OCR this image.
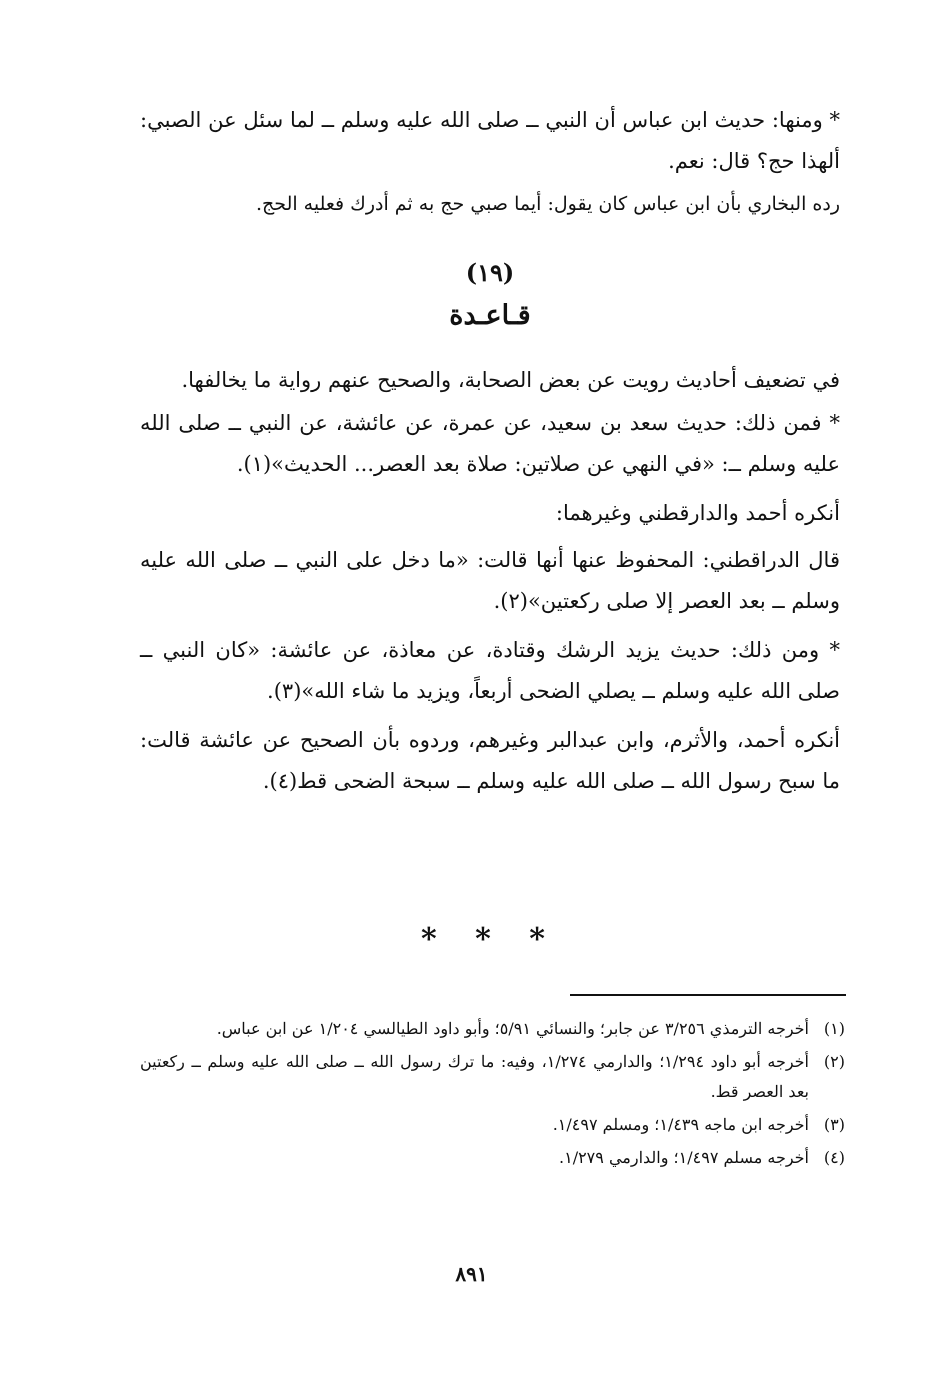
* ومنها: حديث ابن عباس أن النبي ــ صلى الله عليه وسلم ــ لما سئل عن الصبي: ألهذا حج؟ قال: نعم.

رده البخاري بأن ابن عباس كان يقول: أيما صبي حج به ثم أدرك فعليه الحج.

(١٩)
قـاعـدة

في تضعيف أحاديث رويت عن بعض الصحابة، والصحيح عنهم رواية ما يخالفها.

* فمن ذلك: حديث سعد بن سعيد، عن عمرة، عن عائشة، عن النبي ــ صلى الله عليه وسلم ــ: «في النهي عن صلاتين: صلاة بعد العصر... الحديث»(١).

أنكره أحمد والدارقطني وغيرهما:

قال الدراقطني: المحفوظ عنها أنها قالت: «ما دخل على النبي ــ صلى الله عليه وسلم ــ بعد العصر إلا صلى ركعتين»(٢).

* ومن ذلك: حديث يزيد الرشك وقتادة، عن معاذة، عن عائشة: «كان النبي ــ صلى الله عليه وسلم ــ يصلي الضحى أربعاً، ويزيد ما شاء الله»(٣).

أنكره أحمد، والأثرم، وابن عبدالبر وغيرهم، وردوه بأن الصحيح عن عائشة قالت: ما سبح رسول الله ــ صلى الله عليه وسلم ــ سبحة الضحى قط(٤).

* * *
(١)
أخرجه الترمذي ٣/٢٥٦ عن جابر؛ والنسائي ٥/٩١؛ وأبو داود الطيالسي ١/٢٠٤ عن ابن عباس.
(٢)
أخرجه أبو داود ١/٢٩٤؛ والدارمي ١/٢٧٤، وفيه: ما ترك رسول الله ــ صلى الله عليه وسلم ــ ركعتين بعد العصر قط.
(٣)
أخرجه ابن ماجه ١/٤٣٩؛ ومسلم ١/٤٩٧.
(٤)
أخرجه مسلم ١/٤٩٧؛ والدارمي ١/٢٧٩.
٨٩١
